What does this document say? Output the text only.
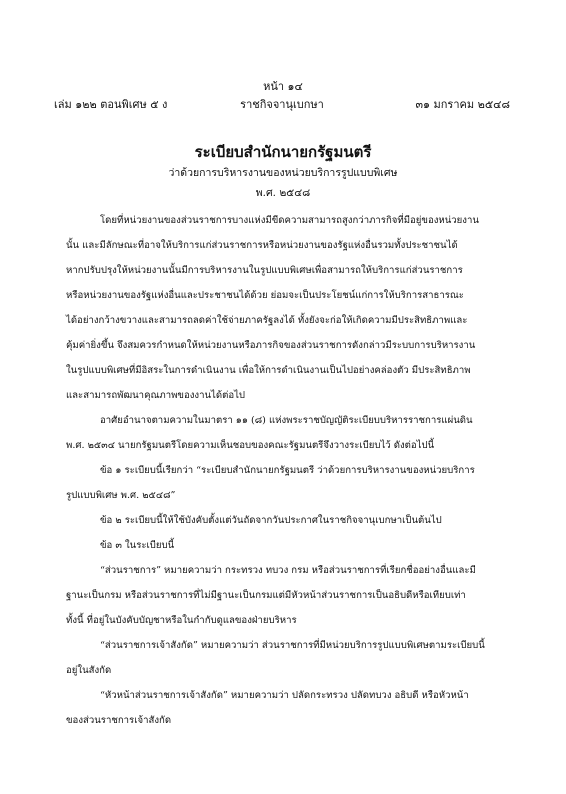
หน้า ๑๔
เล่ม ๑๒๒ ตอนพิเศษ ๕ ง	ราชกิจจานุเบกษา	๓๑ มกราคม ๒๕๔๘
ระเบียบสำนักนายกรัฐมนตรี
ว่าด้วยการบริหารงานของหน่วยบริการรูปแบบพิเศษ
พ.ศ. ๒๕๔๘

โดยที่หน่วยงานของส่วนราชการบางแห่งมีขีดความสามารถสูงกว่าภารกิจที่มีอยู่ของหน่วยงาน
นั้น และมีลักษณะที่อาจให้บริการแก่ส่วนราชการหรือหน่วยงานของรัฐแห่งอื่นรวมทั้งประชาชนได้
หากปรับปรุงให้หน่วยงานนั้นมีการบริหารงานในรูปแบบพิเศษเพื่อสามารถให้บริการแก่ส่วนราชการ
หรือหน่วยงานของรัฐแห่งอื่นและประชาชนได้ด้วย ย่อมจะเป็นประโยชน์แก่การให้บริการสาธารณะ
ได้อย่างกว้างขวางและสามารถลดค่าใช้จ่ายภาครัฐลงได้ ทั้งยังจะก่อให้เกิดความมีประสิทธิภาพและ
คุ้มค่ายิ่งขึ้น จึงสมควรกำหนดให้หน่วยงานหรือภารกิจของส่วนราชการดังกล่าวมีระบบการบริหารงาน
ในรูปแบบพิเศษที่มีอิสระในการดำเนินงาน เพื่อให้การดำเนินงานเป็นไปอย่างคล่องตัว มีประสิทธิภาพ
และสามารถพัฒนาคุณภาพของงานได้ต่อไป

อาศัยอำนาจตามความในมาตรา ๑๑ (๘) แห่งพระราชบัญญัติระเบียบบริหารราชการแผ่นดิน
พ.ศ. ๒๕๓๔ นายกรัฐมนตรีโดยความเห็นชอบของคณะรัฐมนตรีจึงวางระเบียบไว้ ดังต่อไปนี้

ข้อ ๑ ระเบียบนี้เรียกว่า “ระเบียบสำนักนายกรัฐมนตรี ว่าด้วยการบริหารงานของหน่วยบริการ
รูปแบบพิเศษ พ.ศ. ๒๕๔๘”

ข้อ ๒ ระเบียบนี้ให้ใช้บังคับตั้งแต่วันถัดจากวันประกาศในราชกิจจานุเบกษาเป็นต้นไป

ข้อ ๓ ในระเบียบนี้

“ส่วนราชการ” หมายความว่า กระทรวง ทบวง กรม หรือส่วนราชการที่เรียกชื่ออย่างอื่นและมี
ฐานะเป็นกรม หรือส่วนราชการที่ไม่มีฐานะเป็นกรมแต่มีหัวหน้าส่วนราชการเป็นอธิบดีหรือเทียบเท่า
ทั้งนี้ ที่อยู่ในบังคับบัญชาหรือในกำกับดูแลของฝ่ายบริหาร

“ส่วนราชการเจ้าสังกัด” หมายความว่า ส่วนราชการที่มีหน่วยบริการรูปแบบพิเศษตามระเบียบนี้
อยู่ในสังกัด

“หัวหน้าส่วนราชการเจ้าสังกัด” หมายความว่า ปลัดกระทรวง ปลัดทบวง อธิบดี หรือหัวหน้า
ของส่วนราชการเจ้าสังกัด
